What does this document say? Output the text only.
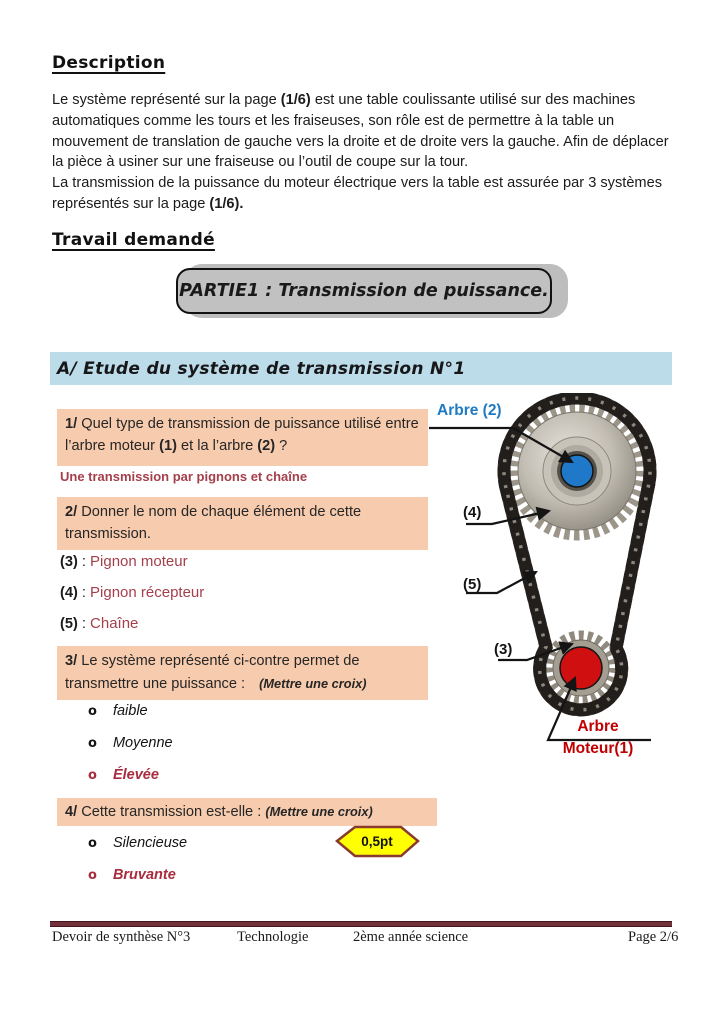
Description

Le système représenté sur la page (1/6) est une table coulissante utilisé sur des machines automatiques comme les tours et les fraiseuses, son rôle est de permettre à la table un mouvement de translation de gauche vers la droite et de droite vers la gauche. Afin de déplacer la pièce à usiner sur une fraiseuse ou l’outil de coupe sur la tour.
La transmission de la puissance du moteur électrique vers la table est assurée par 3 systèmes représentés sur la page (1/6).

Travail demandé
PARTIE1 : Transmission de puissance.
A/ Etude du système de transmission N°1
1/ Quel type de transmission de puissance utilisé entre l’arbre moteur (1) et la l’arbre (2) ?
Une transmission par pignons et chaîne
2/ Donner le nom de chaque élément de cette transmission.
(3) : Pignon moteur
(4) : Pignon récepteur
(5) : Chaîne
3/ Le système représenté ci-contre permet de transmettre une puissance : (Mettre une croix)
o faible
o Moyenne
o Élevée
4/ Cette transmission est-elle : (Mettre une croix)
o Silencieuse
o Bruvante
0,5pt
Arbre (2)
(4)
(5)
(3)
Arbre
Moteur(1)
Devoir de synthèse N°3	Technologie	2ème année science	Page 2/6
